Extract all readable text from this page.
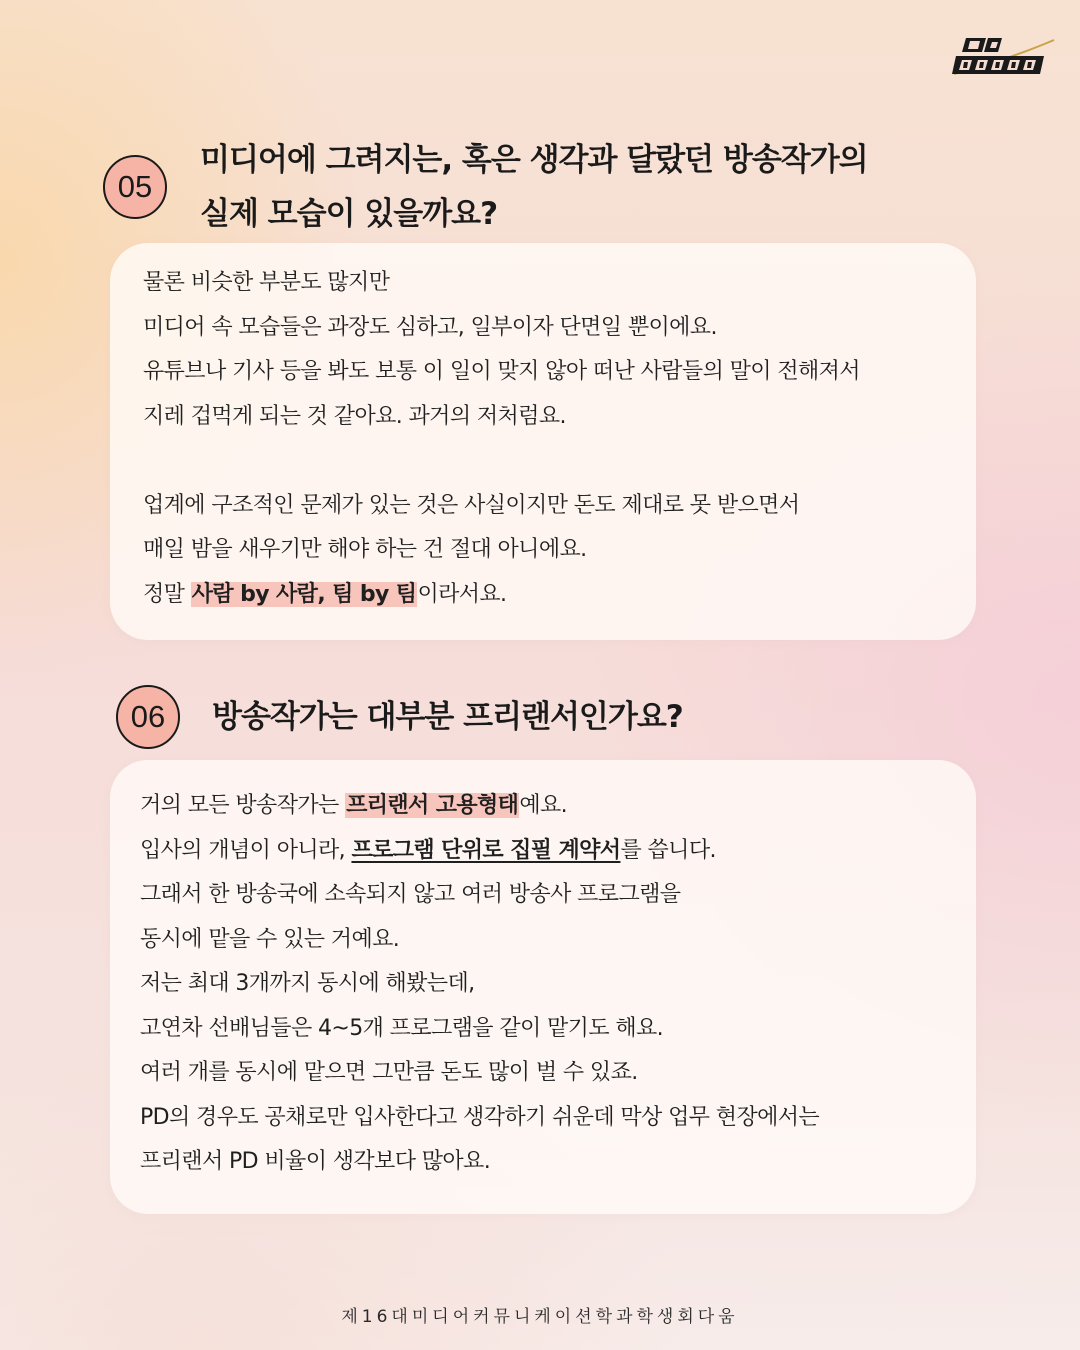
05
미디어에 그려지는, 혹은 생각과 달랐던 방송작가의
실제 모습이 있을까요?
물론 비슷한 부분도 많지만
미디어 속 모습들은 과장도 심하고, 일부이자 단면일 뿐이에요.
유튜브나 기사 등을 봐도 보통 이 일이 맞지 않아 떠난 사람들의 말이 전해져서
지레 겁먹게 되는 것 같아요. 과거의 저처럼요.
업계에 구조적인 문제가 있는 것은 사실이지만 돈도 제대로 못 받으면서
매일 밤을 새우기만 해야 하는 건 절대 아니에요.
정말 사람 by 사람, 팀 by 팀이라서요.
06	방송작가는 대부분 프리랜서인가요?
거의 모든 방송작가는 프리랜서 고용형태예요.
입사의 개념이 아니라, 프로그램 단위로 집필 계약서를 씁니다.
그래서 한 방송국에 소속되지 않고 여러 방송사 프로그램을
동시에 맡을 수 있는 거예요.
저는 최대 3개까지 동시에 해봤는데,
고연차 선배님들은 4~5개 프로그램을 같이 맡기도 해요.
여러 개를 동시에 맡으면 그만큼 돈도 많이 벌 수 있죠.
PD의 경우도 공채로만 입사한다고 생각하기 쉬운데 막상 업무 현장에서는
프리랜서 PD 비율이 생각보다 많아요.
제16대미디어커뮤니케이션학과학생회다움
